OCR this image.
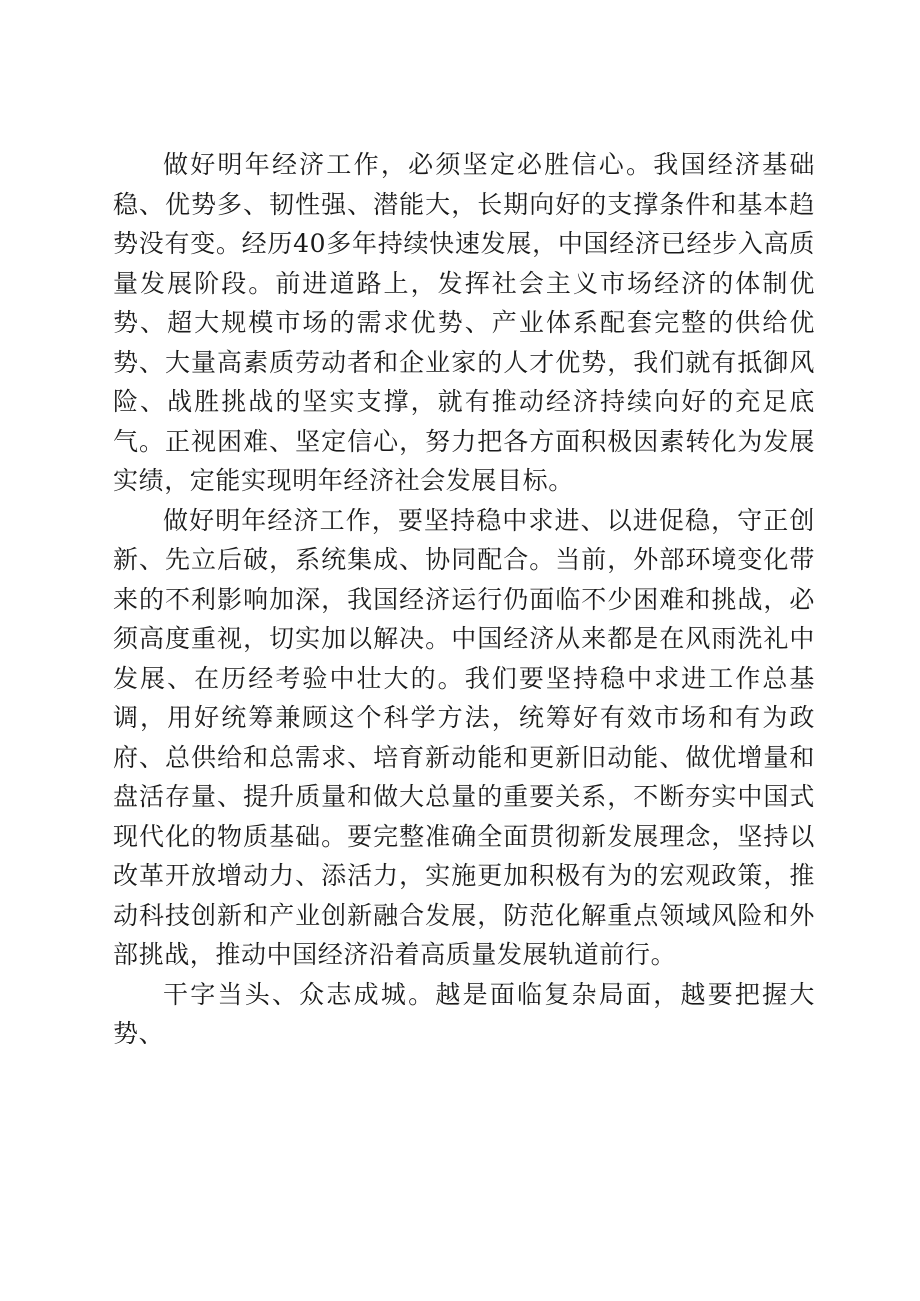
做好明年经济工作，必须坚定必胜信心。我国经济基础稳、优势多、韧性强、潜能大，长期向好的支撑条件和基本趋势没有变。经历40多年持续快速发展，中国经济已经步入高质量发展阶段。前进道路上，发挥社会主义市场经济的体制优势、超大规模市场的需求优势、产业体系配套完整的供给优势、大量高素质劳动者和企业家的人才优势，我们就有抵御风险、战胜挑战的坚实支撑，就有推动经济持续向好的充足底气。正视困难、坚定信心，努力把各方面积极因素转化为发展实绩，定能实现明年经济社会发展目标。

做好明年经济工作，要坚持稳中求进、以进促稳，守正创新、先立后破，系统集成、协同配合。当前，外部环境变化带来的不利影响加深，我国经济运行仍面临不少困难和挑战，必须高度重视，切实加以解决。中国经济从来都是在风雨洗礼中发展、在历经考验中壮大的。我们要坚持稳中求进工作总基调，用好统筹兼顾这个科学方法，统筹好有效市场和有为政府、总供给和总需求、培育新动能和更新旧动能、做优增量和盘活存量、提升质量和做大总量的重要关系，不断夯实中国式现代化的物质基础。要完整准确全面贯彻新发展理念，坚持以改革开放增动力、添活力，实施更加积极有为的宏观政策，推动科技创新和产业创新融合发展，防范化解重点领域风险和外部挑战，推动中国经济沿着高质量发展轨道前行。

干字当头、众志成城。越是面临复杂局面，越要把握大势、
